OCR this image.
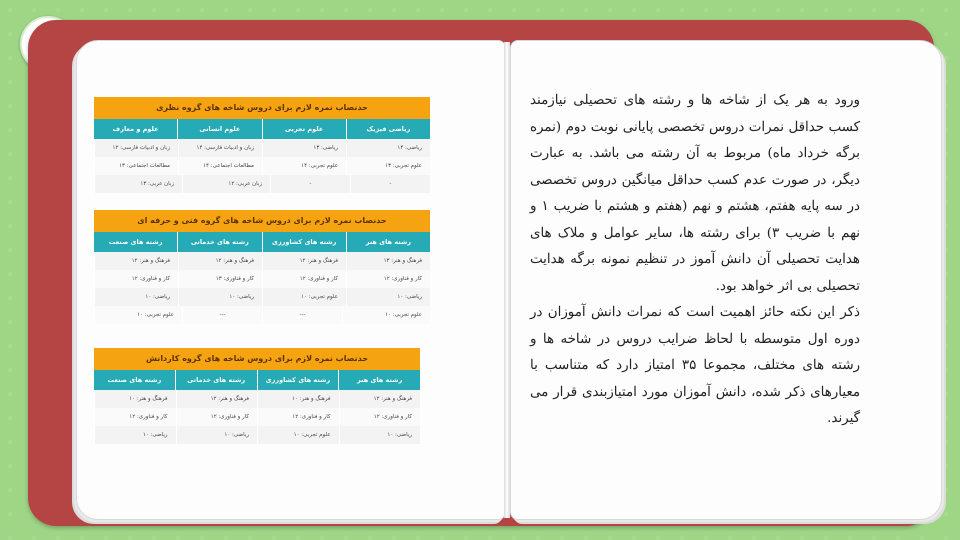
حدنصاب نمره لازم برای دروس شاخه های گروه نظری
ریاضی فیزیک
علوم تجربی
علوم انسانی
علوم و معارف
ریاضی: ۱۴
ریاضی: ۱۳
زبان و ادبیات فارسی: ۱۴
زبان و ادبیات فارسی: ۱۲
علوم تجربی: ۱۳
علوم تجربی: ۱۴
مطالعات اجتماعی: ۱۴
مطالعات اجتماعی: ۱۳
-
-
زبان عربی: ۱۲
زبان عربی: ۱۳
حدنصاب نمره لازم برای دروس شاخه های گروه فنی و حرفه ای
رشته های هنر
رشته های کشاورزی
رشته های خدماتی
رشته های صنعت
فرهنگ و هنر: ۱۳
فرهنگ و هنر: ۱۲
فرهنگ و هنر: ۱۲
فرهنگ و هنر: ۱۲
کار و فناوری: ۱۲
کار و فناوری: ۱۲
کار و فناوری: ۱۳
کار و فناوری: ۱۲
ریاضی: ۱۰
علوم تجربی: ۱۰
ریاضی: ۱۰
ریاضی: ۱۰
علوم تجربی: ۱۰
---
---
علوم تجربی: ۱۰
حدنصاب نمره لازم برای دروس شاخه های گروه کاردانش
رشته های هنر
رشته های کشاورزی
رشته های خدماتی
رشته های صنعت
فرهنگ و هنر: ۱۲
فرهنگ و هنر: ۱۰
فرهنگ و هنر: ۱۲
فرهنگ و هنر: ۱۰
کار و فناوری: ۱۲
کار و فناوری: ۱۲
کار و فناوری: ۱۲
کار و فناوری: ۱۲
ریاضی: ۱۰
علوم تجربی: ۱۰
ریاضی: ۱۰
ریاضی: ۱۰

ورود به هر یک از شاخه ها و رشته های تحصیلی نیازمند کسب حداقل نمرات دروس تخصصی پایانی نوبت دوم (نمره برگه خرداد ماه) مربوط به آن رشته می باشد. به عبارت دیگر، در صورت عدم کسب حداقل میانگین دروس تخصصی در سه پایه هفتم، هشتم و نهم (هفتم و هشتم با ضریب ۱ و نهم با ضریب ۳) برای رشته ها، سایر عوامل و ملاک های هدایت تحصیلی آن دانش آموز در تنظیم نمونه برگه هدایت تحصیلی بی اثر خواهد بود.

ذکر این نکته حائز اهمیت است که نمرات دانش آموزان در دوره اول متوسطه با لحاظ ضرایب دروس در شاخه ها و رشته های مختلف، مجموعا ۳۵ امتیاز دارد که متناسب با معیارهای ذکر شده، دانش آموزان مورد امتیازبندی قرار می گیرند.
